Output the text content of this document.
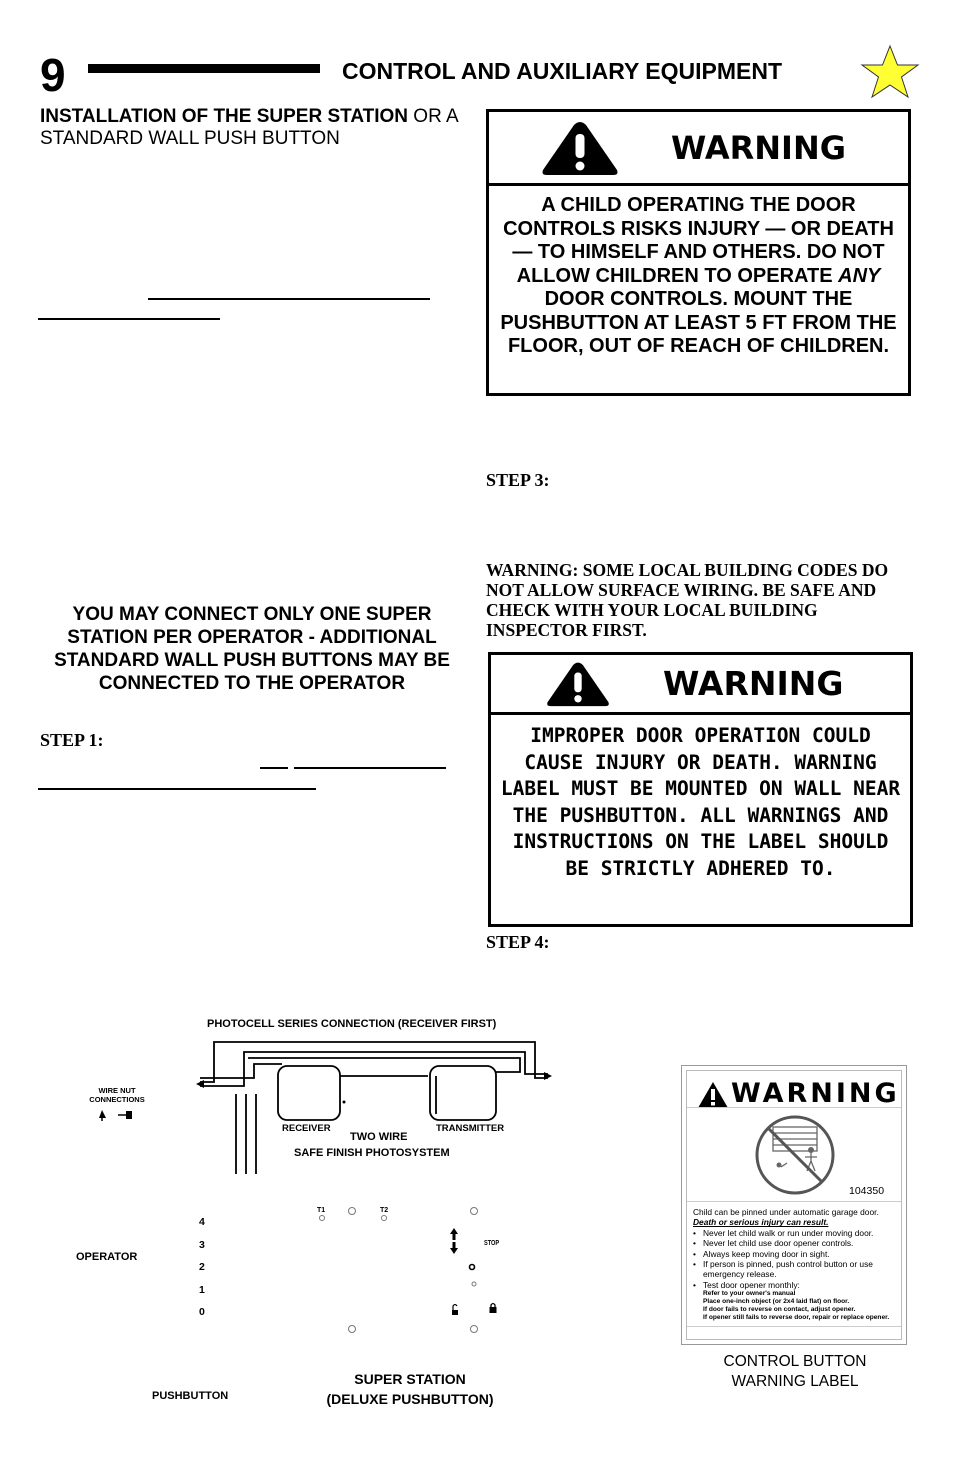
9	CONTROL AND AUXILIARY EQUIPMENT
INSTALLATION OF THE SUPER STATION OR A STANDARD WALL PUSH BUTTON
YOU MAY CONNECT ONLY ONE SUPER STATION PER OPERATOR - ADDITIONAL STANDARD WALL PUSH BUTTONS MAY BE CONNECTED TO THE OPERATOR
STEP 1:
WARNING
A CHILD OPERATING THE DOOR CONTROLS RISKS INJURY — OR DEATH — TO HIMSELF AND OTHERS. DO NOT ALLOW CHILDREN TO OPERATE ANY DOOR CONTROLS. MOUNT THE PUSHBUTTON AT LEAST 5 FT FROM THE FLOOR, OUT OF REACH OF CHILDREN.
STEP 3:
WARNING: SOME LOCAL BUILDING CODES DO NOT ALLOW SURFACE WIRING. BE SAFE AND CHECK WITH YOUR LOCAL BUILDING INSPECTOR FIRST.
WARNING
IMPROPER DOOR OPERATION COULD CAUSE INJURY OR DEATH. WARNING LABEL MUST BE MOUNTED ON WALL NEAR THE PUSHBUTTON. ALL WARNINGS AND INSTRUCTIONS ON THE LABEL SHOULD BE STRICTLY ADHERED TO.
STEP 4:
PHOTOCELL SERIES CONNECTION (RECEIVER FIRST)
WIRE NUT CONNECTIONS
RECEIVER	TRANSMITTER
TWO WIRE
SAFE FINISH PHOTOSYSTEM
OPERATOR
4
3
2
1
0
T1	T2
STOP
PUSHBUTTON
SUPER STATION
(DELUXE PUSHBUTTON)
WARNING
104350
Child can be pinned under automatic garage door. Death or serious injury can result.
• Never let child walk or run under moving door.
• Never let child use door opener controls.
• Always keep moving door in sight.
• If person is pinned, push control button or use emergency release.
• Test door opener monthly:
Refer to your owner's manual
Place one-inch object (or 2x4 laid flat) on floor.
If door fails to reverse on contact, adjust opener.
If opener still fails to reverse door, repair or replace opener.
CONTROL BUTTON
WARNING LABEL
